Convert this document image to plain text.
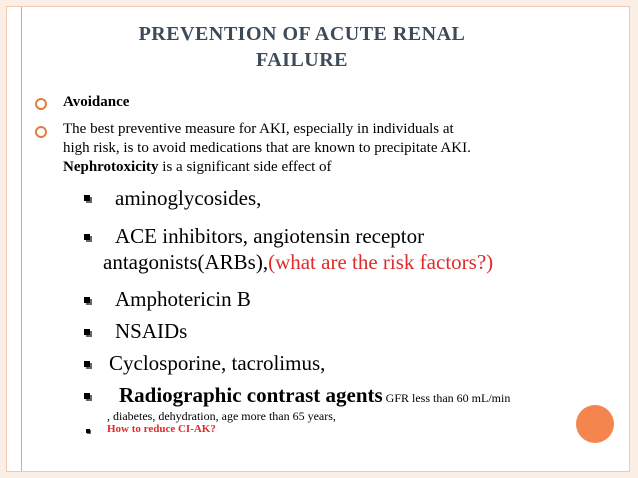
PREVENTION OF ACUTE RENAL
FAILURE
Avoidance
The best preventive measure for AKI, especially in individuals at
high risk, is to avoid medications that are known to precipitate AKI.
Nephrotoxicity is a significant side effect of
aminoglycosides,
ACE inhibitors, angiotensin receptor
antagonists(ARBs),(what are the risk factors?)
Amphotericin B
NSAIDs
Cyclosporine, tacrolimus,
Radiographic contrast agents GFR less than 60 mL/min
, diabetes, dehydration, age more than 65 years,
How to reduce CI-AK?
